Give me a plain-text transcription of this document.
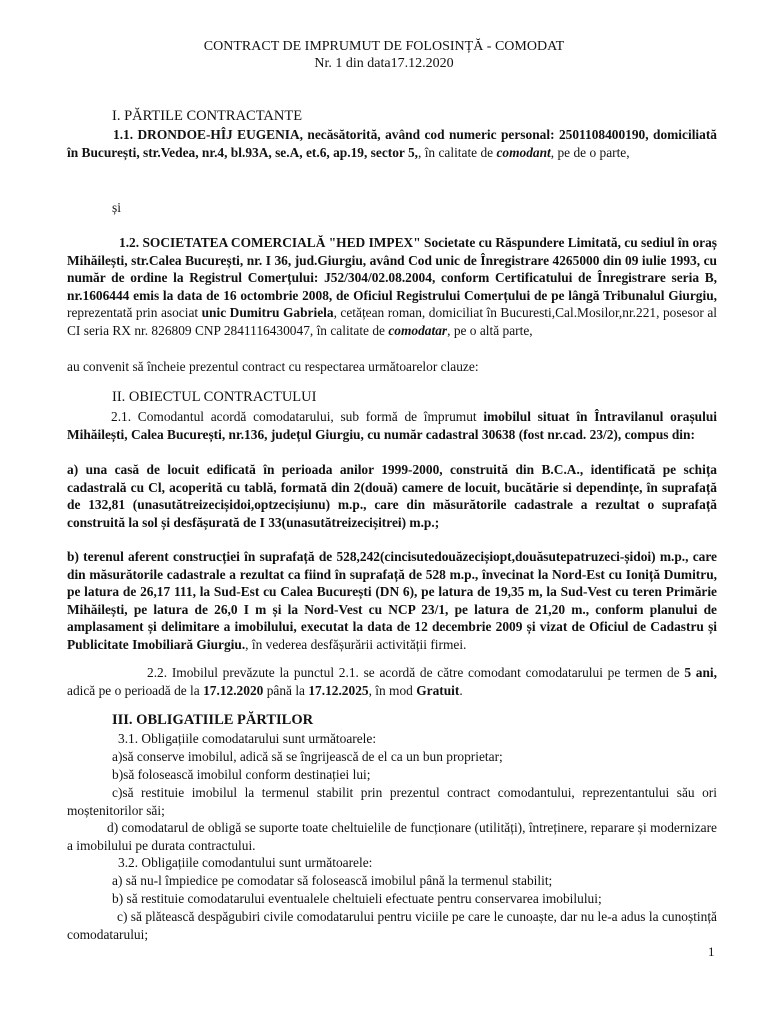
CONTRACT DE IMPRUMUT DE FOLOSINȚĂ - COMODAT
Nr. 1 din data17.12.2020
I. PĂRTILE CONTRACTANTE
1.1. DRONDOE-HÎJ EUGENIA, necăsătorită, având cod numeric personal: 2501108400190, domiciliată în București, str.Vedea, nr.4, bl.93A, se.A, et.6, ap.19, sector 5,, în calitate de comodant, pe de o parte,
și
1.2. SOCIETATEA COMERCIALĂ "HED IMPEX" Societate cu Răspundere Limitată, cu sediul în oraș Mihăilești, str.Calea București, nr. I 36, jud.Giurgiu, având Cod unic de Înregistrare 4265000 din 09 iulie 1993, cu număr de ordine la Registrul Comerțului: J52/304/02.08.2004, conform Certificatului de Înregistrare seria B, nr.1606444 emis la data de 16 octombrie 2008, de Oficiul Registrului Comerțului de pe lângă Tribunalul Giurgiu, reprezentată prin asociat unic Dumitru Gabriela, cetățean roman, domiciliat în Bucuresti,Cal.Mosilor,nr.221, posesor al CI seria RX nr. 826809 CNP 2841116430047, în calitate de comodatar, pe o altă parte,
au convenit să încheie prezentul contract cu respectarea următoarelor clauze:
II. OBIECTUL CONTRACTULUI
2.1. Comodantul acordă comodatarului, sub formă de împrumut imobilul situat în Întravilanul orașului Mihăilești, Calea București, nr.136, județul Giurgiu, cu număr cadastral 30638 (fost nr.cad. 23/2), compus din:
a) una casă de locuit edificată în perioada anilor 1999-2000, construită din B.C.A., identificată pe schița cadastrală cu Cl, acoperită cu tablă, formată din 2(două) camere de locuit, bucătărie si dependințe, în suprafață de 132,81 (unasutătreizecișidoi,optzecișiunu) m.p., care din măsurătorile cadastrale a rezultat o suprafață construită la sol și desfășurată de I 33(unasutătreizecișitrei) m.p.;
b) terenul aferent construcției în suprafață de 528,242(cincisutedouăzecișiopt,douăsutepatruzeci-șidoi) m.p., care din măsurătorile cadastrale a rezultat ca fiind în suprafață de 528 m.p., învecinat la Nord-Est cu Ioniță Dumitru, pe latura de 26,17 111, la Sud-Est cu Calea București (DN 6), pe latura de 19,35 m, la Sud-Vest cu teren Primărie Mihăilești, pe latura de 26,0 I m și la Nord-Vest cu NCP 23/1, pe latura de 21,20 m., conform planului de amplasament și delimitare a imobilului, executat la data de 12 decembrie 2009 și vizat de Oficiul de Cadastru și Publicitate Imobiliară Giurgiu., în vederea desfășurării activității firmei.
2.2. Imobilul prevăzute la punctul 2.1. se acordă de către comodant comodatarului pe termen de 5 ani, adică pe o perioadă de la 17.12.2020 până la 17.12.2025, în mod Gratuit.
III. OBLIGATIILE PĂRTILOR
3.1. Obligațiile comodatarului sunt următoarele:
a)să conserve imobilul, adică să se îngrijească de el ca un bun proprietar;
b)să folosească imobilul conform destinației lui;
c)să restituie imobilul la termenul stabilit prin prezentul contract comodantului, reprezentantului său ori moștenitorilor săi;
d) comodatarul de obligă se suporte toate cheltuielile de funcționare (utilități), întreținere, reparare și modernizare a imobilului pe durata contractului.
3.2. Obligațiile comodantului sunt următoarele:
a) să nu-l împiedice pe comodatar să folosească imobilul până la termenul stabilit;
b) să restituie comodatarului eventualele cheltuieli efectuate pentru conservarea imobilului;
c) să plătească despăgubiri civile comodatarului pentru viciile pe care le cunoaște, dar nu le-a adus la cunoștință comodatarului;
1
